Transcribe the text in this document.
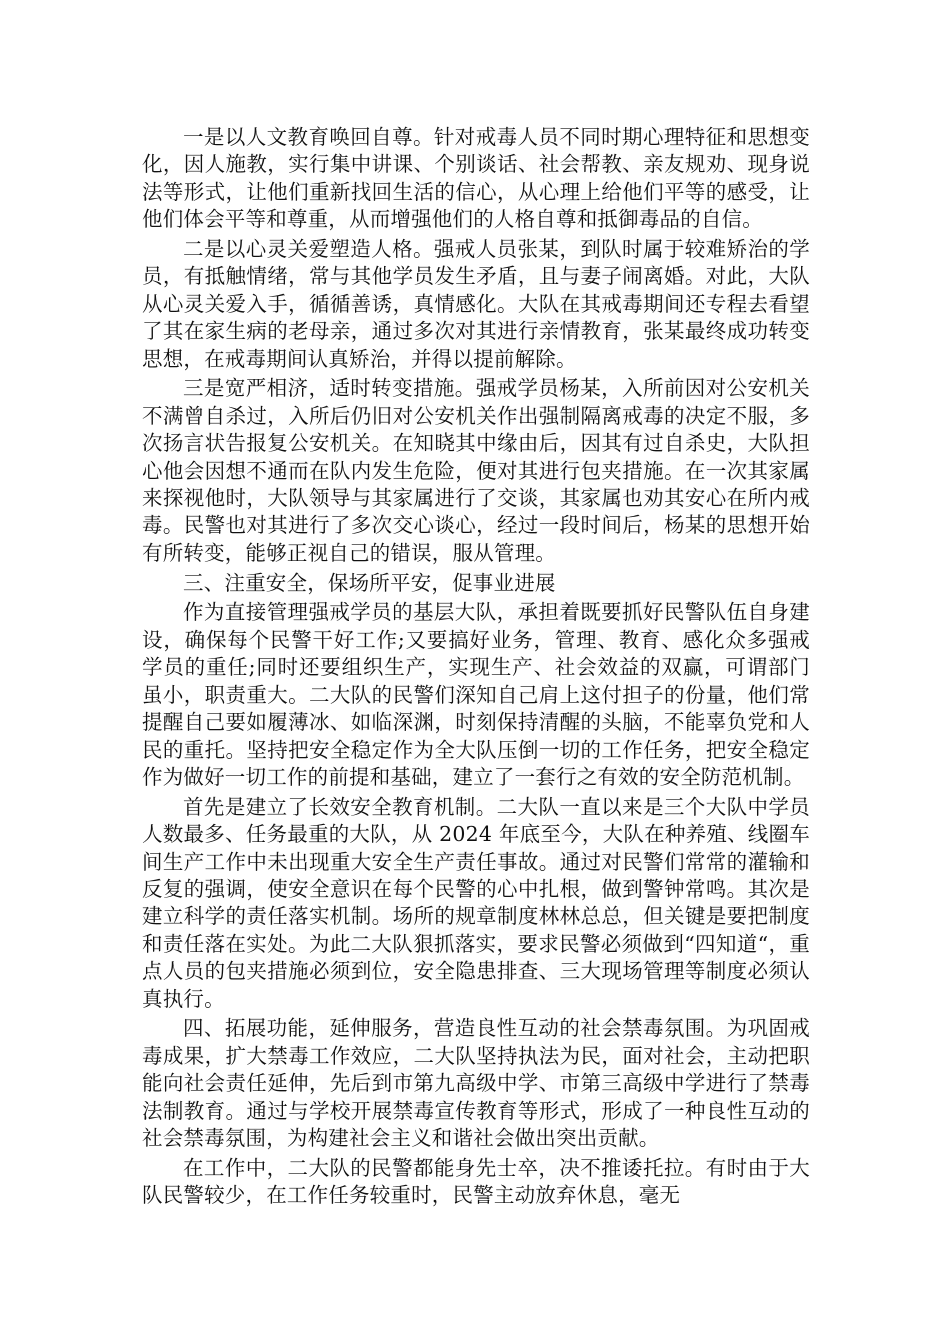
一是以人文教育唤回自尊。针对戒毒人员不同时期心理特征和思想变化，因人施教，实行集中讲课、个别谈话、社会帮教、亲友规劝、现身说法等形式，让他们重新找回生活的信心，从心理上给他们平等的感受，让他们体会平等和尊重，从而增强他们的人格自尊和抵御毒品的自信。

二是以心灵关爱塑造人格。强戒人员张某，到队时属于较难矫治的学员，有抵触情绪，常与其他学员发生矛盾，且与妻子闹离婚。对此，大队从心灵关爱入手，循循善诱，真情感化。大队在其戒毒期间还专程去看望了其在家生病的老母亲，通过多次对其进行亲情教育，张某最终成功转变思想，在戒毒期间认真矫治，并得以提前解除。

三是宽严相济，适时转变措施。强戒学员杨某，入所前因对公安机关不满曾自杀过，入所后仍旧对公安机关作出强制隔离戒毒的决定不服，多次扬言状告报复公安机关。在知晓其中缘由后，因其有过自杀史，大队担心他会因想不通而在队内发生危险，便对其进行包夹措施。在一次其家属来探视他时，大队领导与其家属进行了交谈，其家属也劝其安心在所内戒毒。民警也对其进行了多次交心谈心，经过一段时间后，杨某的思想开始有所转变，能够正视自己的错误，服从管理。

三、注重安全，保场所平安，促事业进展

作为直接管理强戒学员的基层大队，承担着既要抓好民警队伍自身建设，确保每个民警干好工作;又要搞好业务，管理、教育、感化众多强戒学员的重任;同时还要组织生产，实现生产、社会效益的双赢，可谓部门虽小，职责重大。二大队的民警们深知自己肩上这付担子的份量，他们常提醒自己要如履薄冰、如临深渊，时刻保持清醒的头脑，不能辜负党和人民的重托。坚持把安全稳定作为全大队压倒一切的工作任务，把安全稳定作为做好一切工作的前提和基础，建立了一套行之有效的安全防范机制。

首先是建立了长效安全教育机制。二大队一直以来是三个大队中学员人数最多、任务最重的大队，从 2024 年底至今，大队在种养殖、线圈车间生产工作中未出现重大安全生产责任事故。通过对民警们常常的灌输和反复的强调，使安全意识在每个民警的心中扎根，做到警钟常鸣。其次是建立科学的责任落实机制。场所的规章制度林林总总，但关键是要把制度和责任落在实处。为此二大队狠抓落实，要求民警必须做到“四知道“，重点人员的包夹措施必须到位，安全隐患排查、三大现场管理等制度必须认真执行。

四、拓展功能，延伸服务，营造良性互动的社会禁毒氛围。为巩固戒毒成果，扩大禁毒工作效应，二大队坚持执法为民，面对社会，主动把职能向社会责任延伸，先后到市第九高级中学、市第三高级中学进行了禁毒法制教育。通过与学校开展禁毒宣传教育等形式，形成了一种良性互动的社会禁毒氛围，为构建社会主义和谐社会做出突出贡献。

在工作中，二大队的民警都能身先士卒，决不推诿托拉。有时由于大队民警较少，在工作任务较重时，民警主动放弃休息，毫无
